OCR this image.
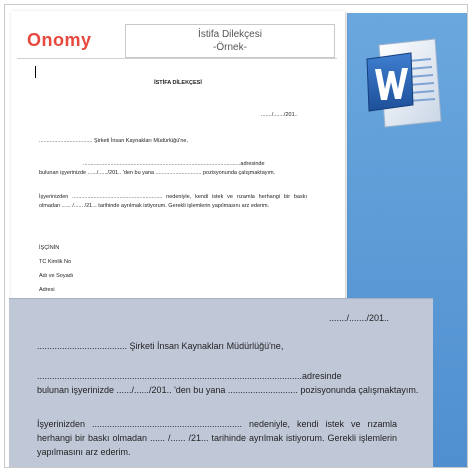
Onomy	İstifa Dilekçesi
-Örnek-
İSTİFA DİLEKÇESİ
......./......./201..
................................... Şirketi İnsan Kaynakları Müdürlüğü'ne,
.......................................................................................................adresinde
bulunan işyerinizde ....../....../201.. 'den bu yana .............................. pozisyonunda çalışmaktayım.
İşyerinizden ........................................................... nedeniyle, kendi istek ve rızamla herhangi bir baskı olmadan ...... /...... /21... tarihinde ayrılmak istiyorum. Gerekli işlemlerin yapılmasını arz ederim.
İŞÇİNİN
TC Kimlik No
Adı ve Soyadı
Adresi
......./......./201..
.................................... Şirketi İnsan Kaynakları Müdürlüğü'ne,
..........................................................................................................adresinde
bulunan işyerinizde ....../....../201.. 'den bu yana ............................ pozisyonunda çalışmaktayım.
İşyerinizden ............................................................ nedeniyle, kendi istek ve rızamla herhangi bir baskı olmadan ...... /...... /21... tarihinde ayrılmak istiyorum. Gerekli işlemlerin yapılmasını arz ederim.
